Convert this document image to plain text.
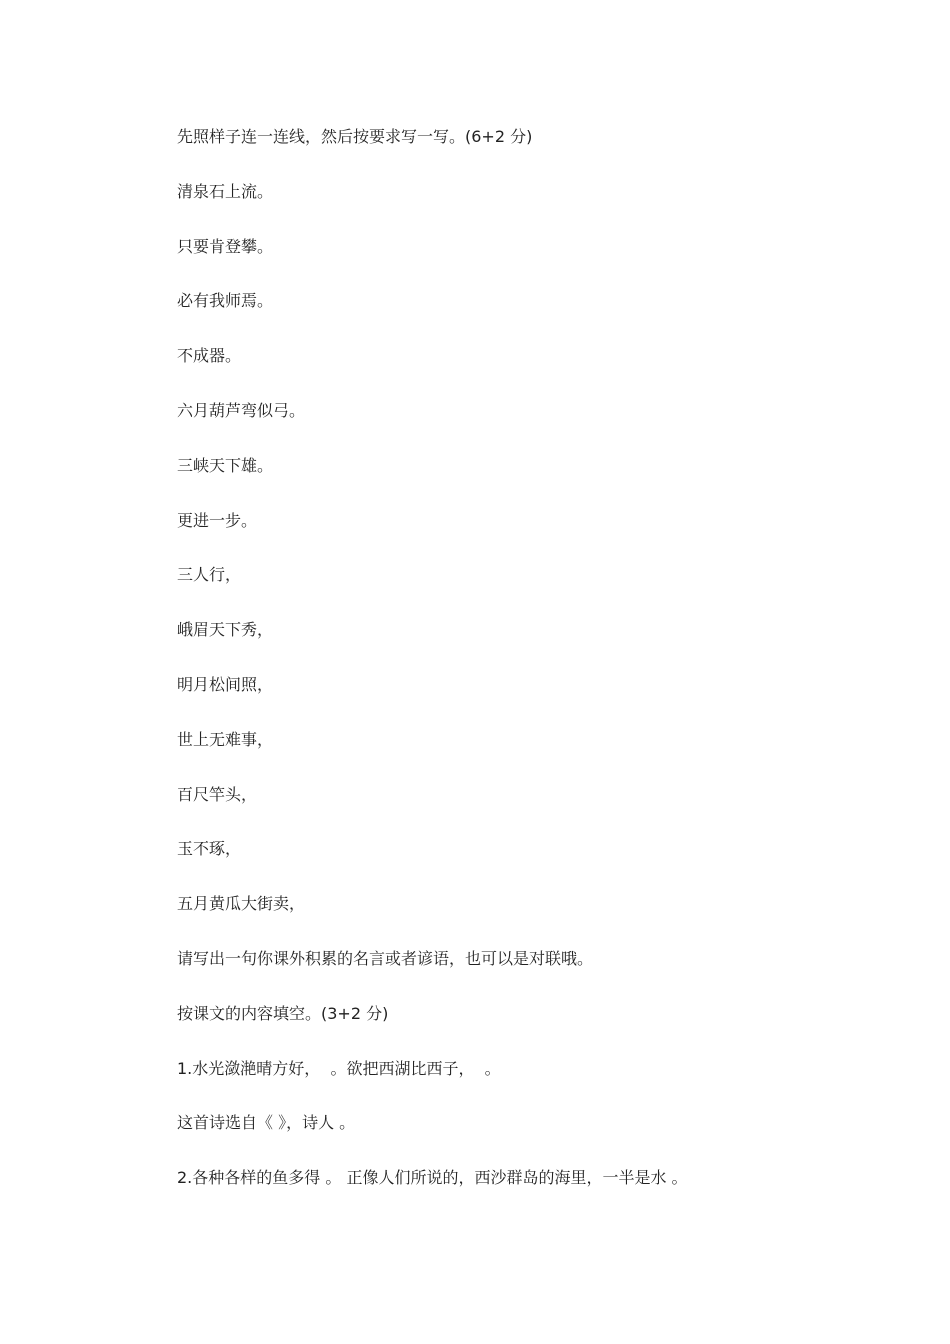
先照样子连一连线，然后按要求写一写。(6+2 分)
清泉石上流。
只要肯登攀。
必有我师焉。
不成器。
六月葫芦弯似弓。
三峡天下雄。
更进一步。
三人行，
峨眉天下秀，
明月松间照，
世上无难事，
百尺竿头，
玉不琢，
五月黄瓜大街卖，
请写出一句你课外积累的名言或者谚语，也可以是对联哦。
按课文的内容填空。(3+2 分)
1.水光潋滟晴方好，  。欲把西湖比西子，  。
这首诗选自《 》，诗人 。
2.各种各样的鱼多得 。 正像人们所说的，西沙群岛的海里，一半是水 。
